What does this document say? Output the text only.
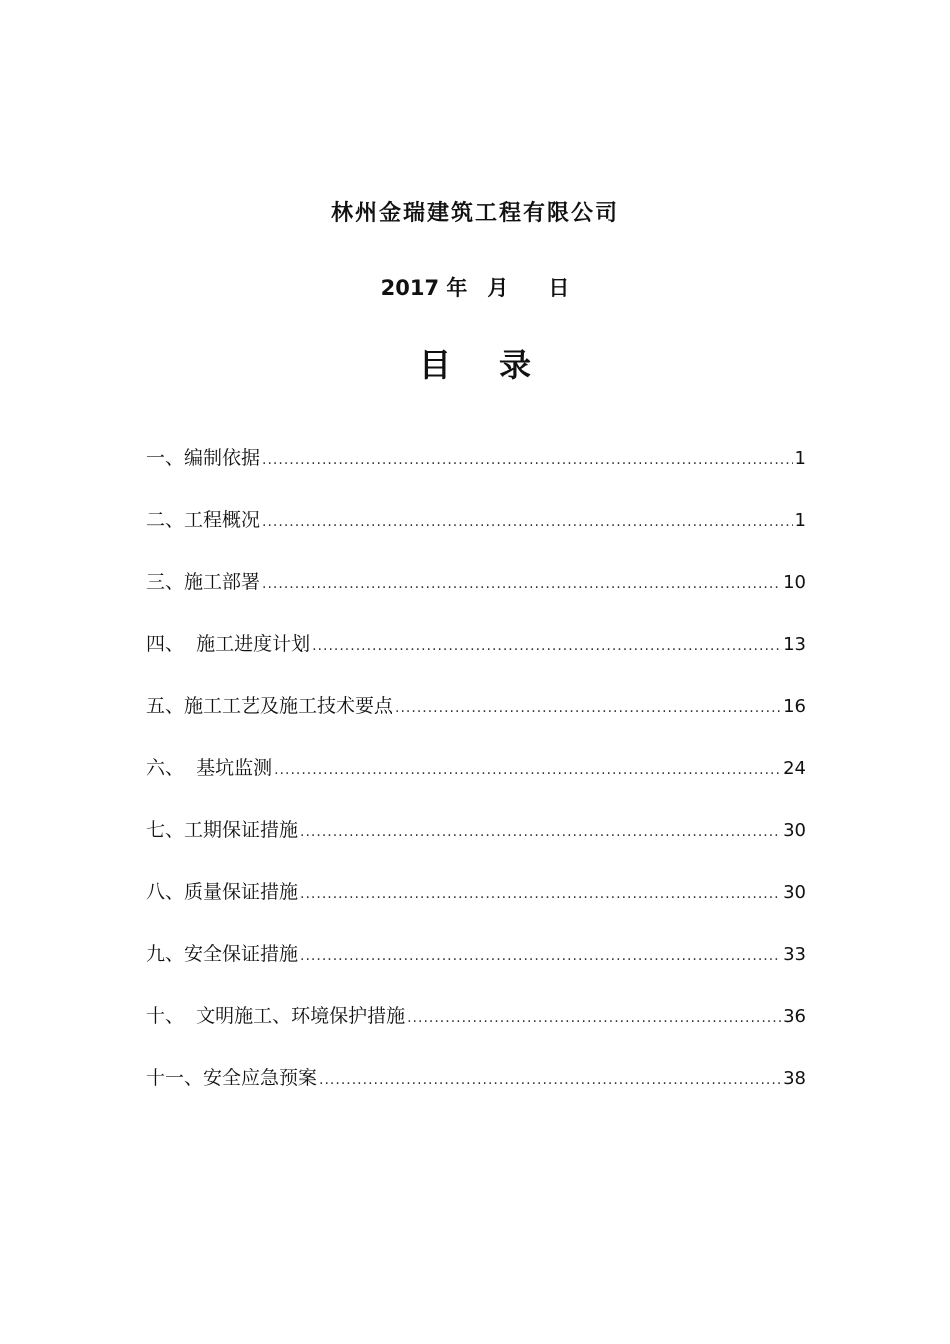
林州金瑞建筑工程有限公司
2017 年 月 日
目 录
一、编制依据 .....	1
二、工程概况 .....	1
三、施工部署 .....	10
四、  施工进度计划 .....	13
五、施工工艺及施工技术要点 .....	16
六、  基坑监测 .....	24
七、工期保证措施 .....	30
八、质量保证措施 .....	30
九、安全保证措施 .....	33
十、  文明施工、环境保护措施 .....	36
十一、安全应急预案 .....	38
